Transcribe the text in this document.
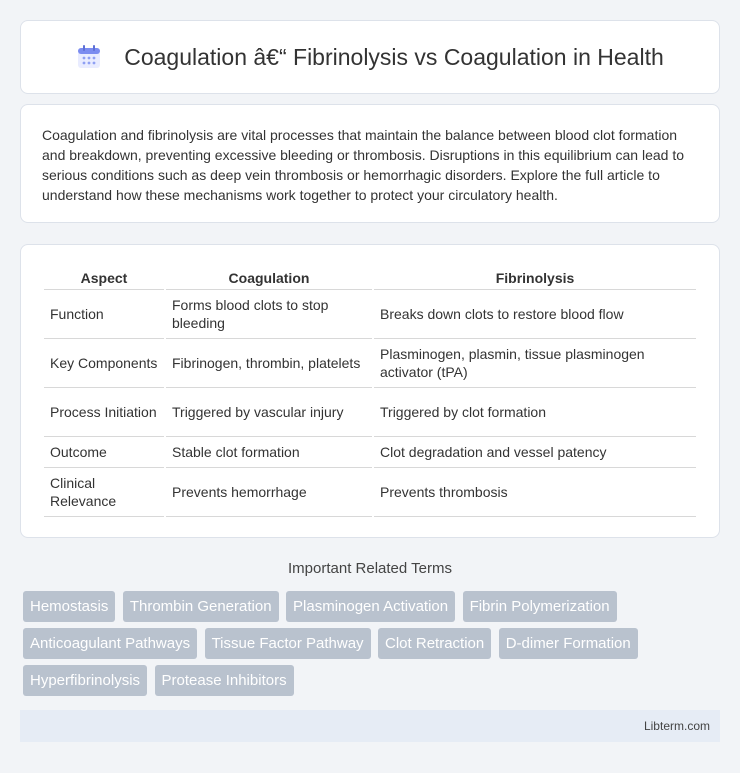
Coagulation â€“ Fibrinolysis vs Coagulation in Health

Coagulation and fibrinolysis are vital processes that maintain the balance between blood clot formation and breakdown, preventing excessive bleeding or thrombosis. Disruptions in this equilibrium can lead to serious conditions such as deep vein thrombosis or hemorrhagic disorders. Explore the full article to understand how these mechanisms work together to protect your circulatory health.

Aspect	Coagulation	Fibrinolysis
Function	Forms blood clots to stop bleeding	Breaks down clots to restore blood flow
Key Components	Fibrinogen, thrombin, platelets	Plasminogen, plasmin, tissue plasminogen activator (tPA)
Process Initiation	Triggered by vascular injury	Triggered by clot formation
Outcome	Stable clot formation	Clot degradation and vessel patency
Clinical Relevance	Prevents hemorrhage	Prevents thrombosis
Important Related Terms
Hemostasis Thrombin Generation Plasminogen Activation Fibrin Polymerization Anticoagulant Pathways Tissue Factor Pathway Clot Retraction D-dimer Formation Hyperfibrinolysis Protease Inhibitors
Libterm.com
